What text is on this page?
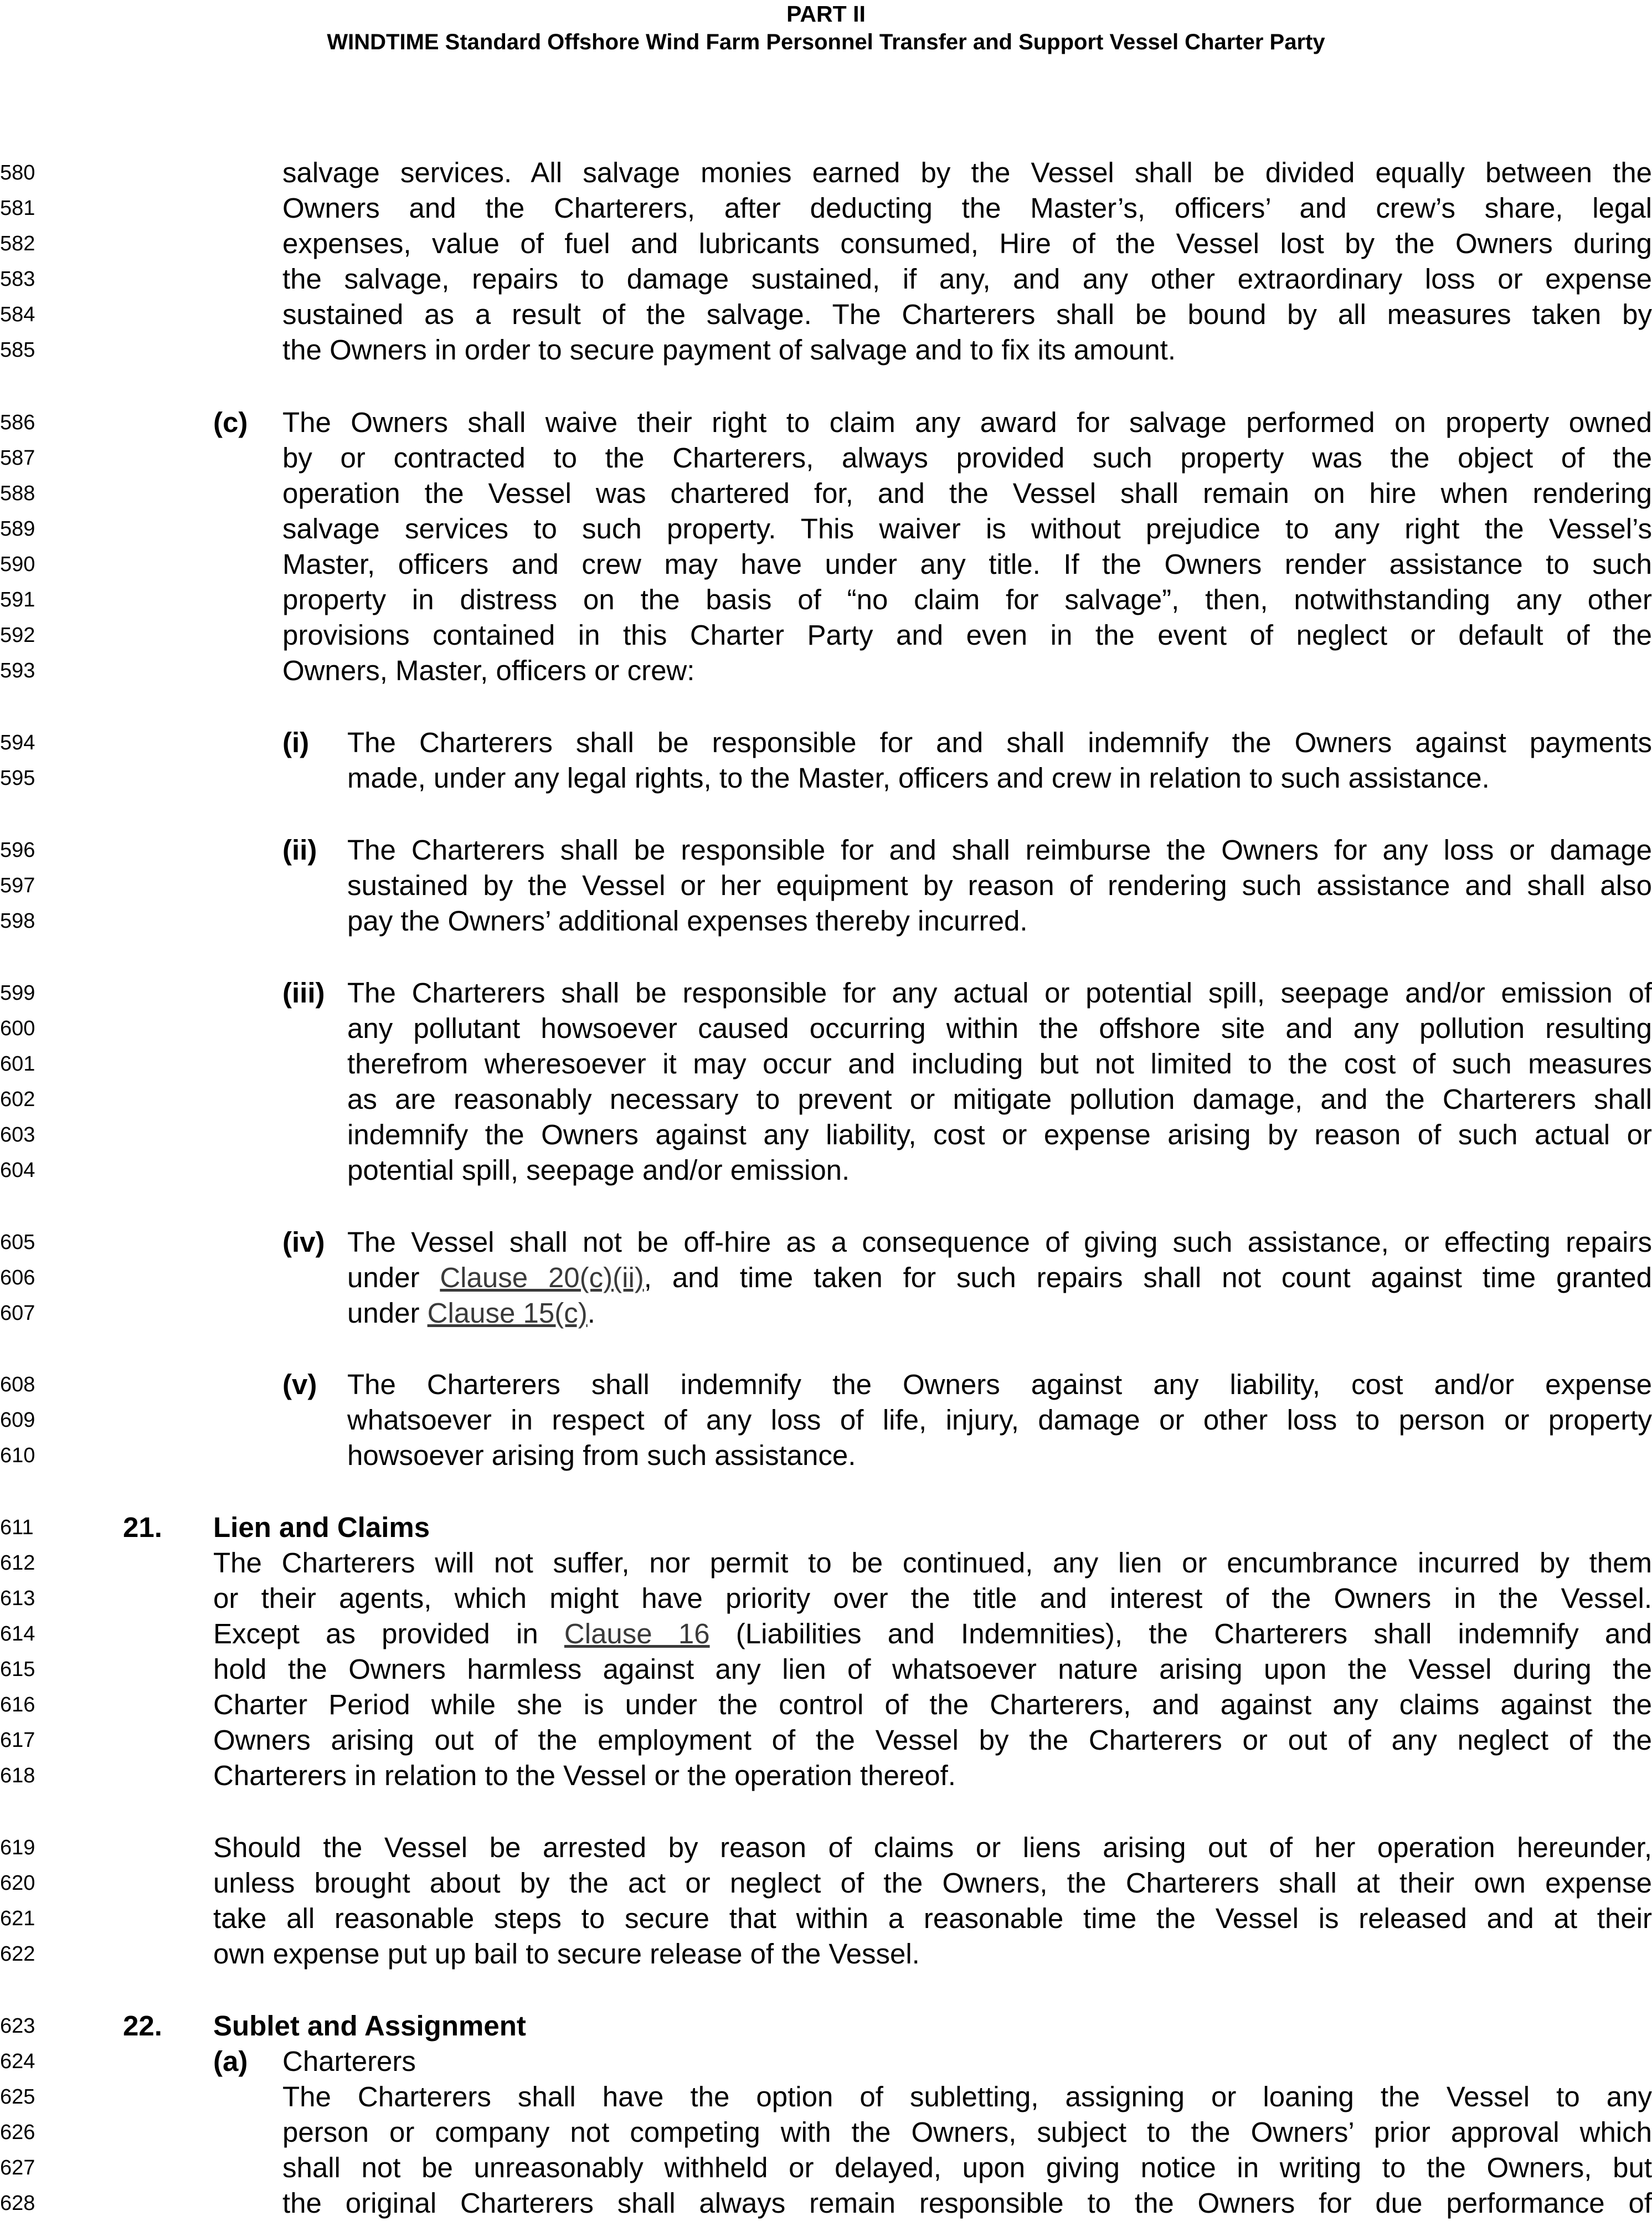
PART II
WINDTIME Standard Offshore Wind Farm Personnel Transfer and Support Vessel Charter Party
580
581
582
583
584
585
586
587
588
589
590
591
592
593
594
595
596
597
598
599
600
601
602
603
604
605
606
607
608
609
610
611
612
613
614
615
616
617
618
619
620
621
622
623
624
625
626
627
628
salvage services. All salvage monies earned by the Vessel shall be divided equally between the
Owners and the Charterers, after deducting the Master’s, officers’ and crew’s share, legal
expenses, value of fuel and lubricants consumed, Hire of the Vessel lost by the Owners during
the salvage, repairs to damage sustained, if any, and any other extraordinary loss or expense
sustained as a result of the salvage. The Charterers shall be bound by all measures taken by
the Owners in order to secure payment of salvage and to fix its amount.
(c) The Owners shall waive their right to claim any award for salvage performed on property owned
by or contracted to the Charterers, always provided such property was the object of the
operation the Vessel was chartered for, and the Vessel shall remain on hire when rendering
salvage services to such property. This waiver is without prejudice to any right the Vessel’s
Master, officers and crew may have under any title. If the Owners render assistance to such
property in distress on the basis of “no claim for salvage”, then, notwithstanding any other
provisions contained in this Charter Party and even in the event of neglect or default of the
Owners, Master, officers or crew:
(i) The Charterers shall be responsible for and shall indemnify the Owners against payments
made, under any legal rights, to the Master, officers and crew in relation to such assistance.
(ii) The Charterers shall be responsible for and shall reimburse the Owners for any loss or damage
sustained by the Vessel or her equipment by reason of rendering such assistance and shall also
pay the Owners’ additional expenses thereby incurred.
(iii) The Charterers shall be responsible for any actual or potential spill, seepage and/or emission of
any pollutant howsoever caused occurring within the offshore site and any pollution resulting
therefrom wheresoever it may occur and including but not limited to the cost of such measures
as are reasonably necessary to prevent or mitigate pollution damage, and the Charterers shall
indemnify the Owners against any liability, cost or expense arising by reason of such actual or
potential spill, seepage and/or emission.
(iv) The Vessel shall not be off-hire as a consequence of giving such assistance, or effecting repairs
under Clause 20(c)(ii), and time taken for such repairs shall not count against time granted
under Clause 15(c).
(v) The Charterers shall indemnify the Owners against any liability, cost and/or expense
whatsoever in respect of any loss of life, injury, damage or other loss to person or property
howsoever arising from such assistance.
21. Lien and Claims
The Charterers will not suffer, nor permit to be continued, any lien or encumbrance incurred by them
or their agents, which might have priority over the title and interest of the Owners in the Vessel.
Except as provided in Clause 16 (Liabilities and Indemnities), the Charterers shall indemnify and
hold the Owners harmless against any lien of whatsoever nature arising upon the Vessel during the
Charter Period while she is under the control of the Charterers, and against any claims against the
Owners arising out of the employment of the Vessel by the Charterers or out of any neglect of the
Charterers in relation to the Vessel or the operation thereof.
Should the Vessel be arrested by reason of claims or liens arising out of her operation hereunder,
unless brought about by the act or neglect of the Owners, the Charterers shall at their own expense
take all reasonable steps to secure that within a reasonable time the Vessel is released and at their
own expense put up bail to secure release of the Vessel.
22. Sublet and Assignment
(a) Charterers
The Charterers shall have the option of subletting, assigning or loaning the Vessel to any
person or company not competing with the Owners, subject to the Owners’ prior approval which
shall not be unreasonably withheld or delayed, upon giving notice in writing to the Owners, but
the original Charterers shall always remain responsible to the Owners for due performance of
